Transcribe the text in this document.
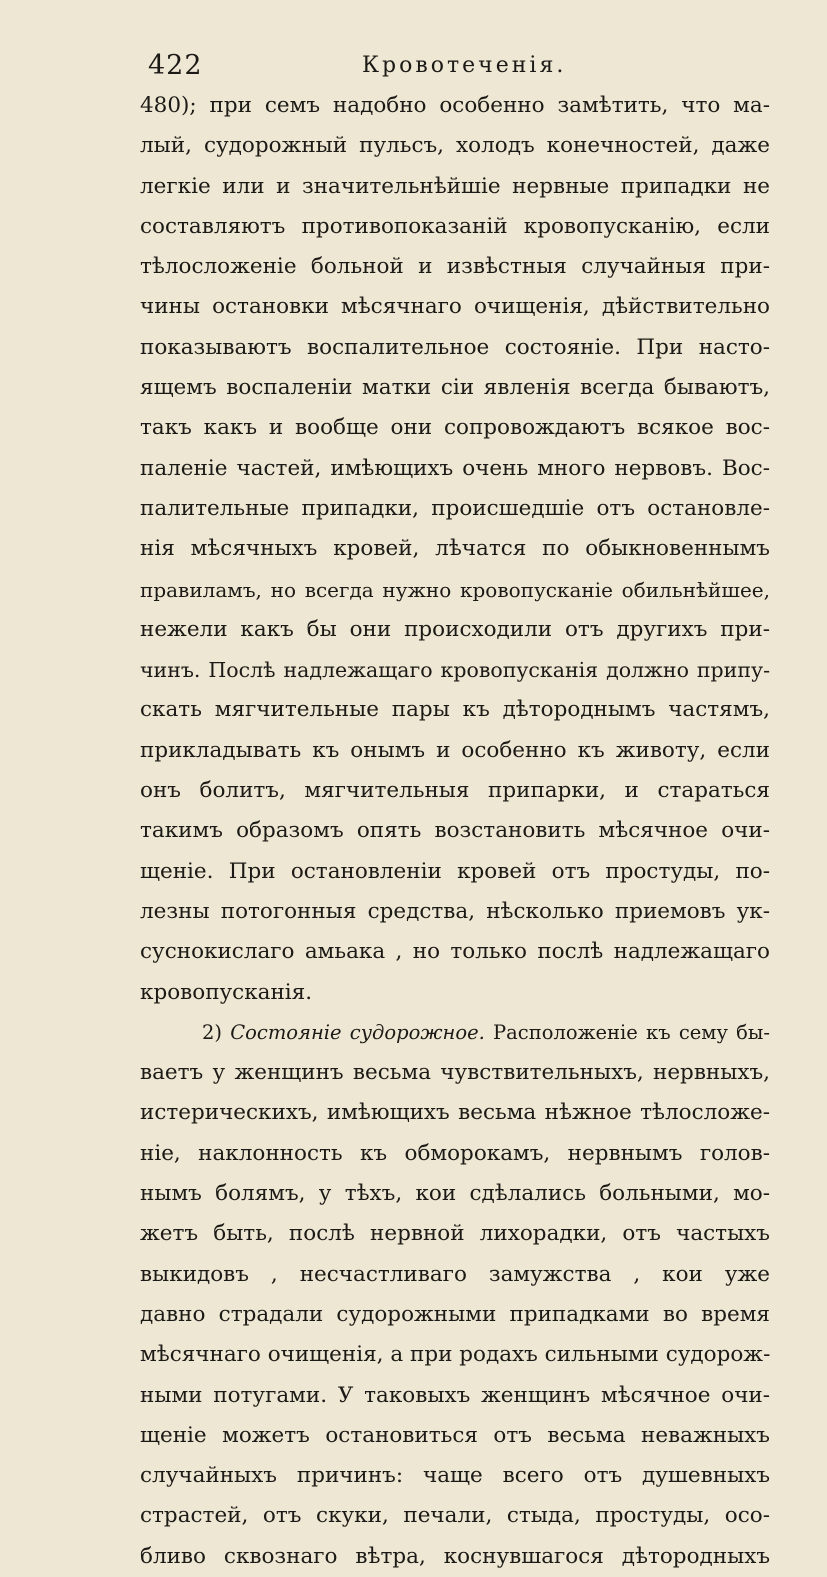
422	Кровотеченія.
480); при семъ надобно особенно замѣтить, что ма-
лый, судорожный пульсъ, холодъ конечностей, даже
легкіе или и значительнѣйшіе нервные припадки не
составляютъ противопоказаній кровопусканію, если
тѣлосложеніе больной и извѣстныя случайныя при-
чины остановки мѣсячнаго очищенія, дѣйствительно
показываютъ воспалительное состояніе. При насто-
ящемъ воспаленіи матки сіи явленія всегда бываютъ,
такъ какъ и вообще они сопровождаютъ всякое вос-
паленіе частей, имѣющихъ очень много нервовъ. Вос-
палительные припадки, происшедшіе отъ остановле-
нія мѣсячныхъ кровей, лѣчатся по обыкновеннымъ
правиламъ, но всегда нужно кровопусканіе обильнѣйшее,
нежели какъ бы они происходили отъ другихъ при-
чинъ. Послѣ надлежащаго кровопусканія должно припу-
скать мягчительные пары къ дѣтороднымъ частямъ,
прикладывать къ онымъ и особенно къ животу, если
онъ болитъ, мягчительныя припарки, и стараться
такимъ образомъ опять возстановить мѣсячное очи-
щеніе. При остановленіи кровей отъ простуды, по-
лезны потогонныя средства, нѣсколько приемовъ ук-
суснокислаго амьака , но только послѣ надлежащаго
кровопусканія.
2) Состояніе судорожное. Расположеніе къ сему бы-
ваетъ у женщинъ весьма чувствительныхъ, нервныхъ,
истерическихъ, имѣющихъ весьма нѣжное тѣлосложе-
ніе, наклонность къ обморокамъ, нервнымъ голов-
нымъ болямъ, у тѣхъ, кои сдѣлались больными, мо-
жетъ быть, послѣ нервной лихорадки, отъ частыхъ
выкидовъ , несчастливаго замужства , кои уже
давно страдали судорожными припадками во время
мѣсячнаго очищенія, а при родахъ сильными судорож-
ными потугами. У таковыхъ женщинъ мѣсячное очи-
щеніе можетъ остановиться отъ весьма неважныхъ
случайныхъ причинъ: чаще всего отъ душевныхъ
страстей, отъ скуки, печали, стыда, простуды, осо-
бливо сквознаго вѣтра, коснувшагося дѣтородныхъ
